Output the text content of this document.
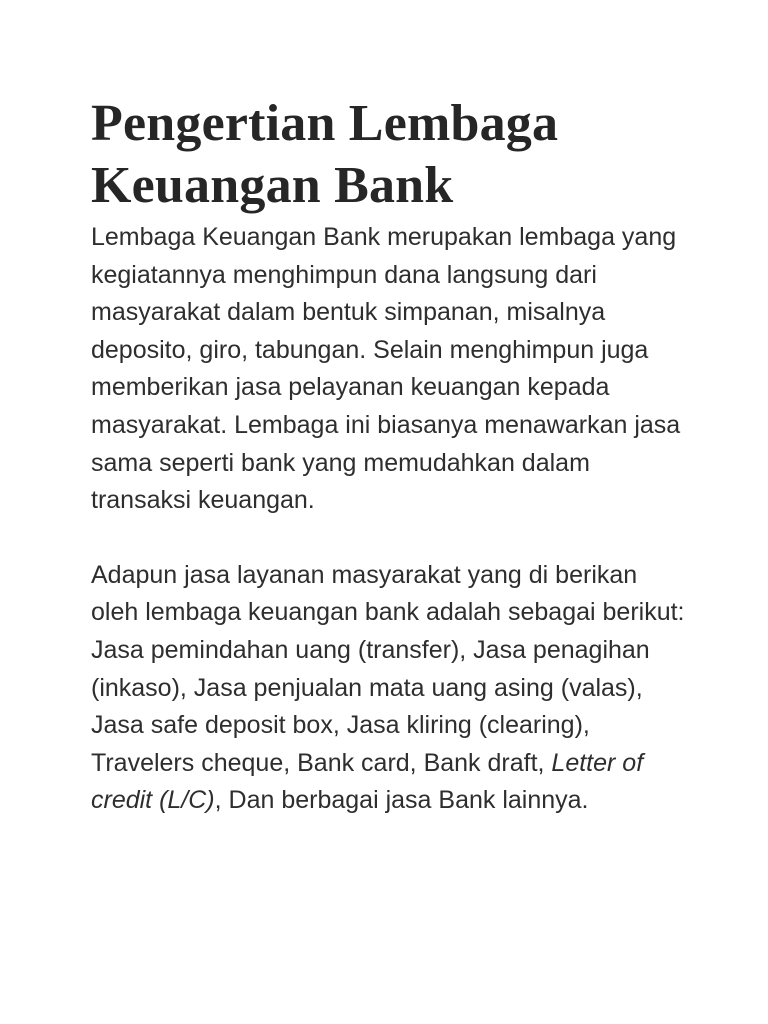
Pengertian Lembaga Keuangan Bank

Lembaga Keuangan Bank merupakan lembaga yang kegiatannya menghimpun dana langsung dari masyarakat dalam bentuk simpanan, misalnya deposito, giro, tabungan. Selain menghimpun juga memberikan jasa pelayanan keuangan kepada masyarakat. Lembaga ini biasanya menawarkan jasa sama seperti bank yang memudahkan dalam transaksi keuangan.

Adapun jasa layanan masyarakat yang di berikan oleh lembaga keuangan bank adalah sebagai berikut: Jasa pemindahan uang (transfer), Jasa penagihan (inkaso), Jasa penjualan mata uang asing (valas), Jasa safe deposit box, Jasa kliring (clearing), Travelers cheque, Bank card, Bank draft, Letter of credit (L/C), Dan berbagai jasa Bank lainnya.
